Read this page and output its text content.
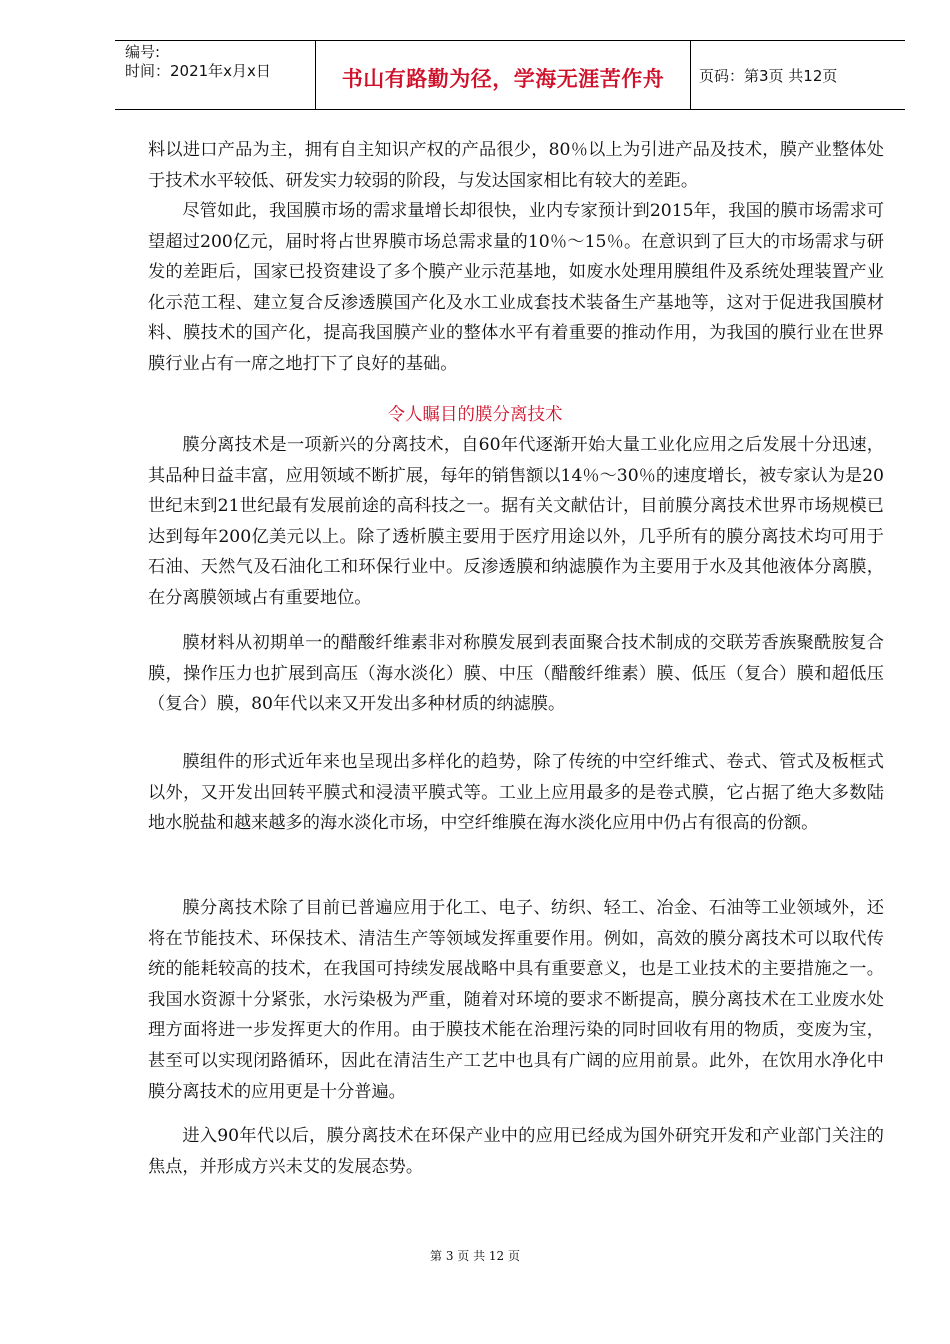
编号:
时间：2021年x月x日	书山有路勤为径，学海无涯苦作舟	页码：第3页 共12页

料以进口产品为主，拥有自主知识产权的产品很少，80％以上为引进产品及技术，膜产业整体处于技术水平较低、研发实力较弱的阶段，与发达国家相比有较大的差距。

尽管如此，我国膜市场的需求量增长却很快，业内专家预计到2015年，我国的膜市场需求可望超过200亿元，届时将占世界膜市场总需求量的10％～15％。在意识到了巨大的市场需求与研发的差距后，国家已投资建设了多个膜产业示范基地，如废水处理用膜组件及系统处理装置产业化示范工程、建立复合反渗透膜国产化及水工业成套技术装备生产基地等，这对于促进我国膜材料、膜技术的国产化，提高我国膜产业的整体水平有着重要的推动作用，为我国的膜行业在世界膜行业占有一席之地打下了良好的基础。

令人瞩目的膜分离技术

膜分离技术是一项新兴的分离技术，自60年代逐渐开始大量工业化应用之后发展十分迅速，其品种日益丰富，应用领域不断扩展，每年的销售额以14％～30％的速度增长，被专家认为是20世纪末到21世纪最有发展前途的高科技之一。据有关文献估计，目前膜分离技术世界市场规模已达到每年200亿美元以上。除了透析膜主要用于医疗用途以外，几乎所有的膜分离技术均可用于石油、天然气及石油化工和环保行业中。反渗透膜和纳滤膜作为主要用于水及其他液体分离膜，在分离膜领域占有重要地位。

膜材料从初期单一的醋酸纤维素非对称膜发展到表面聚合技术制成的交联芳香族聚酰胺复合膜，操作压力也扩展到高压（海水淡化）膜、中压（醋酸纤维素）膜、低压（复合）膜和超低压（复合）膜，80年代以来又开发出多种材质的纳滤膜。

膜组件的形式近年来也呈现出多样化的趋势，除了传统的中空纤维式、卷式、管式及板框式以外，又开发出回转平膜式和浸渍平膜式等。工业上应用最多的是卷式膜，它占据了绝大多数陆地水脱盐和越来越多的海水淡化市场，中空纤维膜在海水淡化应用中仍占有很高的份额。

膜分离技术除了目前已普遍应用于化工、电子、纺织、轻工、冶金、石油等工业领域外，还将在节能技术、环保技术、清洁生产等领域发挥重要作用。例如，高效的膜分离技术可以取代传统的能耗较高的技术，在我国可持续发展战略中具有重要意义，也是工业技术的主要措施之一。我国水资源十分紧张，水污染极为严重，随着对环境的要求不断提高，膜分离技术在工业废水处理方面将进一步发挥更大的作用。由于膜技术能在治理污染的同时回收有用的物质，变废为宝，甚至可以实现闭路循环，因此在清洁生产工艺中也具有广阔的应用前景。此外，在饮用水净化中膜分离技术的应用更是十分普遍。

进入90年代以后，膜分离技术在环保产业中的应用已经成为国外研究开发和产业部门关注的焦点，并形成方兴未艾的发展态势。

第 3 页 共 12 页
